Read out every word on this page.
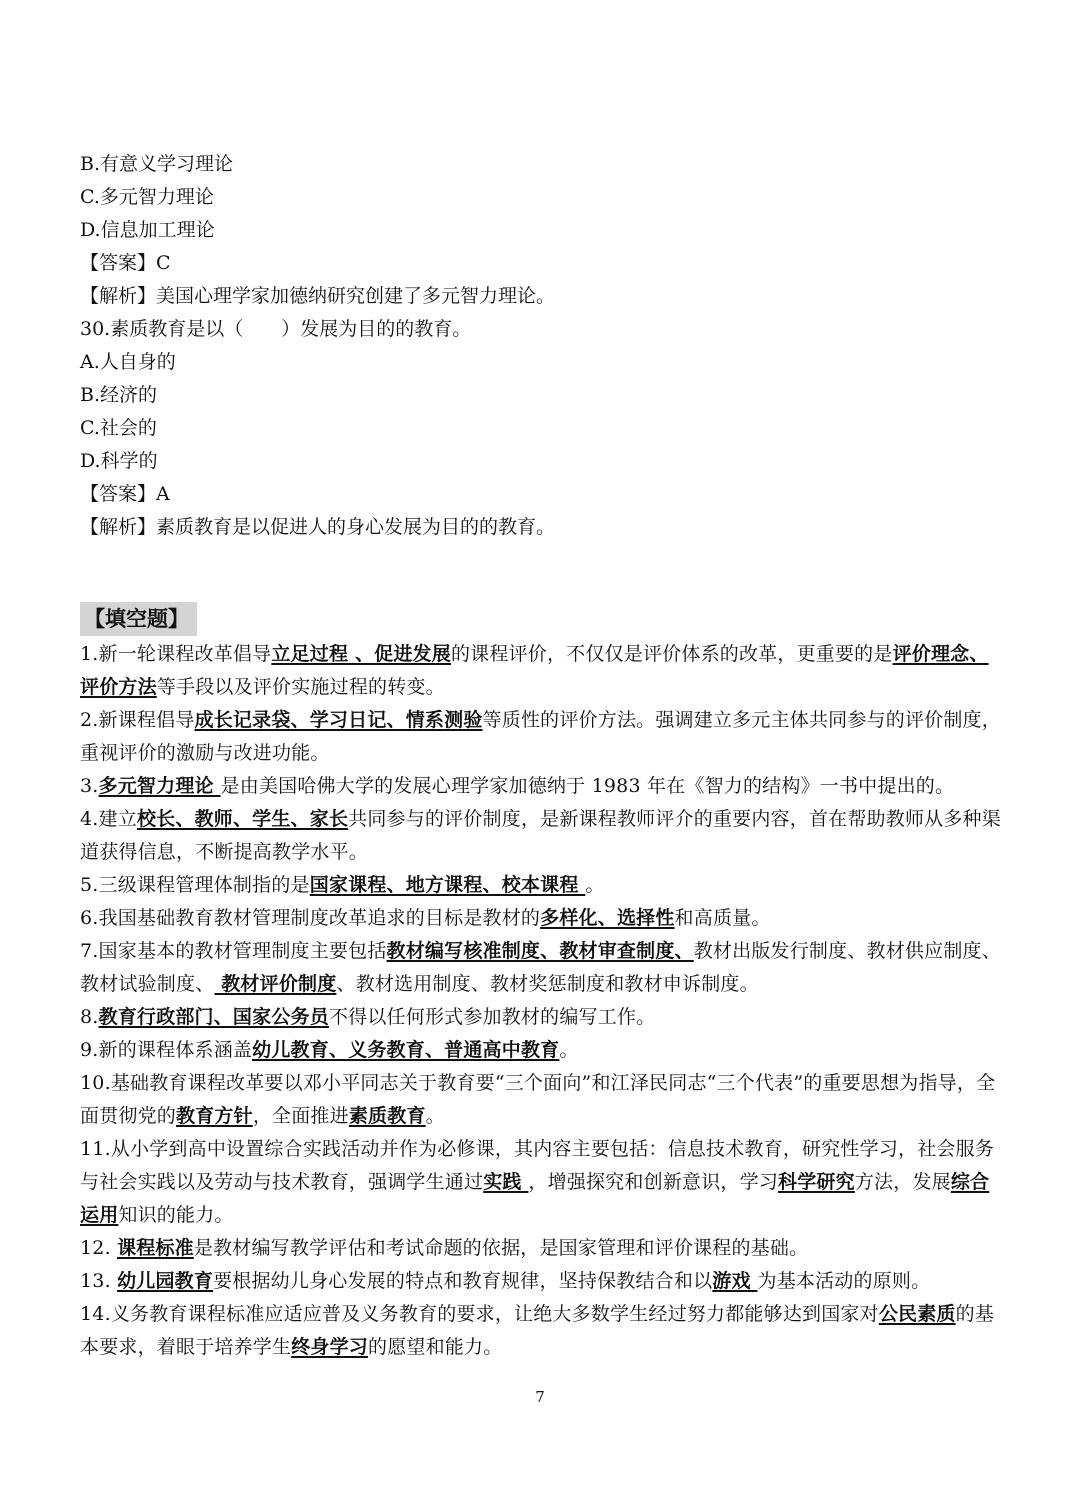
B.有意义学习理论
C.多元智力理论
D.信息加工理论
【答案】C
【解析】美国心理学家加德纳研究创建了多元智力理论。
30.素质教育是以（　　）发展为目的的教育。
A.人自身的
B.经济的
C.社会的
D.科学的
【答案】A
【解析】素质教育是以促进人的身心发展为目的的教育。
【填空题】

1.新一轮课程改革倡导立足过程 、促进发展的课程评价，不仅仅是评价体系的改革，更重要的是评价理念、评价方法等手段以及评价实施过程的转变。

2.新课程倡导成长记录袋、学习日记、情系测验等质性的评价方法。强调建立多元主体共同参与的评价制度，重视评价的激励与改进功能。

3.多元智力理论 是由美国哈佛大学的发展心理学家加德纳于 1983 年在《智力的结构》一书中提出的。

4.建立校长、教师、学生、家长共同参与的评价制度，是新课程教师评介的重要内容，首在帮助教师从多种渠道获得信息，不断提高教学水平。

5.三级课程管理体制指的是国家课程、地方课程、校本课程 。

6.我国基础教育教材管理制度改革追求的目标是教材的多样化、选择性和高质量。

7.国家基本的教材管理制度主要包括教材编写核准制度、教材审查制度、教材出版发行制度、教材供应制度、教材试验制度、 教材评价制度、教材选用制度、教材奖惩制度和教材申诉制度。

8.教育行政部门、国家公务员不得以任何形式参加教材的编写工作。

9.新的课程体系涵盖幼儿教育、义务教育、普通高中教育。

10.基础教育课程改革要以邓小平同志关于教育要“三个面向”和江泽民同志“三个代表”的重要思想为指导，全面贯彻党的教育方针，全面推进素质教育。

11.从小学到高中设置综合实践活动并作为必修课，其内容主要包括：信息技术教育，研究性学习，社会服务与社会实践以及劳动与技术教育，强调学生通过实践 ，增强探究和创新意识，学习科学研究方法，发展综合运用知识的能力。

12. 课程标准是教材编写教学评估和考试命题的依据，是国家管理和评价课程的基础。

13. 幼儿园教育要根据幼儿身心发展的特点和教育规律，坚持保教结合和以游戏 为基本活动的原则。

14.义务教育课程标准应适应普及义务教育的要求，让绝大多数学生经过努力都能够达到国家对公民素质的基本要求，着眼于培养学生终身学习的愿望和能力。

7
